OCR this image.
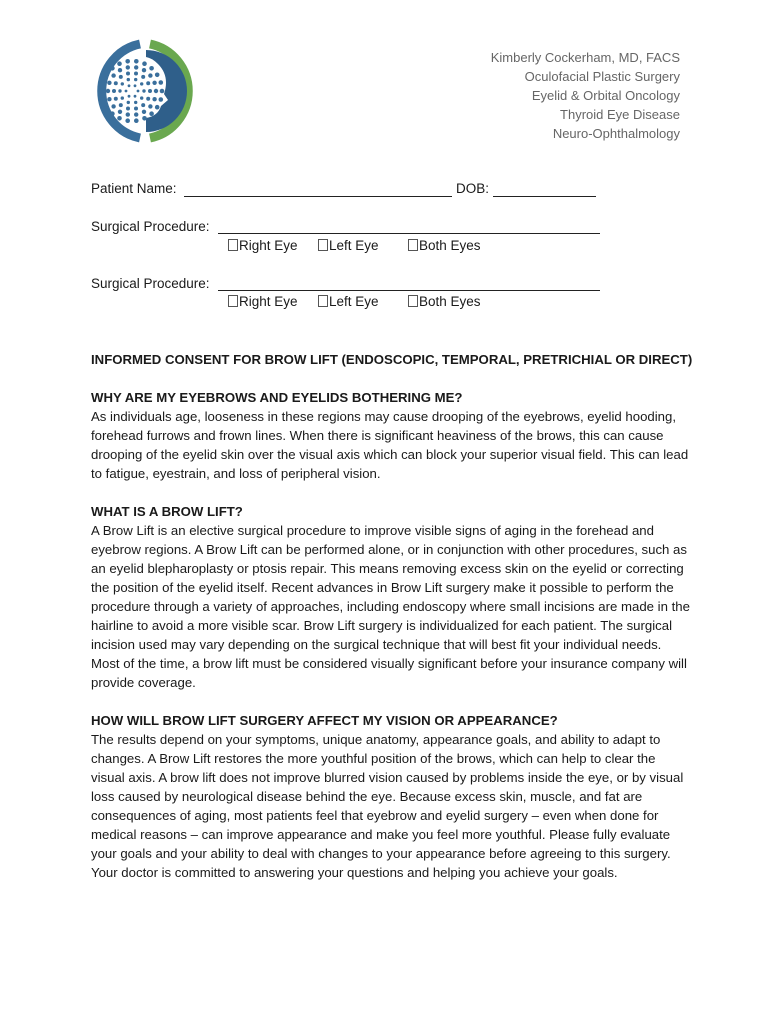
Kimberly Cockerham, MD, FACS
Oculofacial Plastic Surgery
Eyelid & Orbital Oncology
Thyroid Eye Disease
Neuro-Ophthalmology
Patient Name:	DOB:
Surgical Procedure:
Right Eye	Left Eye	Both Eyes
Surgical Procedure:
Right Eye	Left Eye	Both Eyes
INFORMED CONSENT FOR BROW LIFT (ENDOSCOPIC, TEMPORAL, PRETRICHIAL OR DIRECT)
WHY ARE MY EYEBROWS AND EYELIDS BOTHERING ME?

As individuals age, looseness in these regions may cause drooping of the eyebrows, eyelid hooding, forehead furrows and frown lines. When there is significant heaviness of the brows, this can cause drooping of the eyelid skin over the visual axis which can block your superior visual field. This can lead to fatigue, eyestrain, and loss of peripheral vision.

WHAT IS A BROW LIFT?

A Brow Lift is an elective surgical procedure to improve visible signs of aging in the forehead and eyebrow regions. A Brow Lift can be performed alone, or in conjunction with other procedures, such as an eyelid blepharoplasty or ptosis repair. This means removing excess skin on the eyelid or correcting the position of the eyelid itself. Recent advances in Brow Lift surgery make it possible to perform the procedure through a variety of approaches, including endoscopy where small incisions are made in the hairline to avoid a more visible scar. Brow Lift surgery is individualized for each patient. The surgical incision used may vary depending on the surgical technique that will best fit your individual needs. Most of the time, a brow lift must be considered visually significant before your insurance company will provide coverage.

HOW WILL BROW LIFT SURGERY AFFECT MY VISION OR APPEARANCE?

The results depend on your symptoms, unique anatomy, appearance goals, and ability to adapt to changes. A Brow Lift restores the more youthful position of the brows, which can help to clear the visual axis. A brow lift does not improve blurred vision caused by problems inside the eye, or by visual loss caused by neurological disease behind the eye. Because excess skin, muscle, and fat are consequences of aging, most patients feel that eyebrow and eyelid surgery – even when done for medical reasons – can improve appearance and make you feel more youthful. Please fully evaluate your goals and your ability to deal with changes to your appearance before agreeing to this surgery. Your doctor is committed to answering your questions and helping you achieve your goals.
